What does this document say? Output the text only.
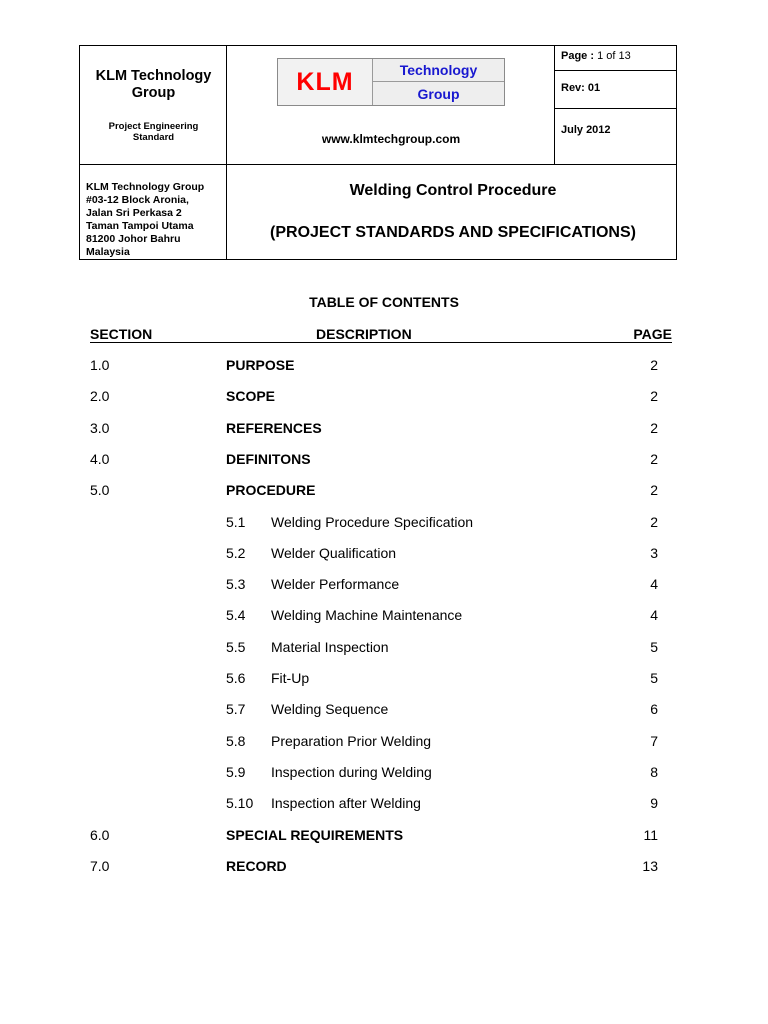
KLM Technology
Group
Project Engineering
Standard
KLM	Technology
Group
www.klmtechgroup.com
Page : 1 of 13
Rev: 01
July 2012
KLM Technology Group
#03-12 Block Aronia,
Jalan Sri Perkasa 2
Taman Tampoi Utama
81200 Johor Bahru
Malaysia
Welding Control Procedure
(PROJECT STANDARDS AND SPECIFICATIONS)
TABLE OF CONTENTS
SECTION	DESCRIPTION	PAGE
1.0	PURPOSE	2
2.0	SCOPE	2
3.0	REFERENCES	2
4.0	DEFINITONS	2
5.0	PROCEDURE	2
5.1 Welding Procedure Specification	2
5.2 Welder Qualification	3
5.3 Welder Performance	4
5.4 Welding Machine Maintenance	4
5.5 Material Inspection	5
5.6 Fit-Up	5
5.7 Welding Sequence	6
5.8 Preparation Prior Welding	7
5.9 Inspection during Welding	8
5.10 Inspection after Welding	9
6.0	SPECIAL REQUIREMENTS	11
7.0	RECORD	13
